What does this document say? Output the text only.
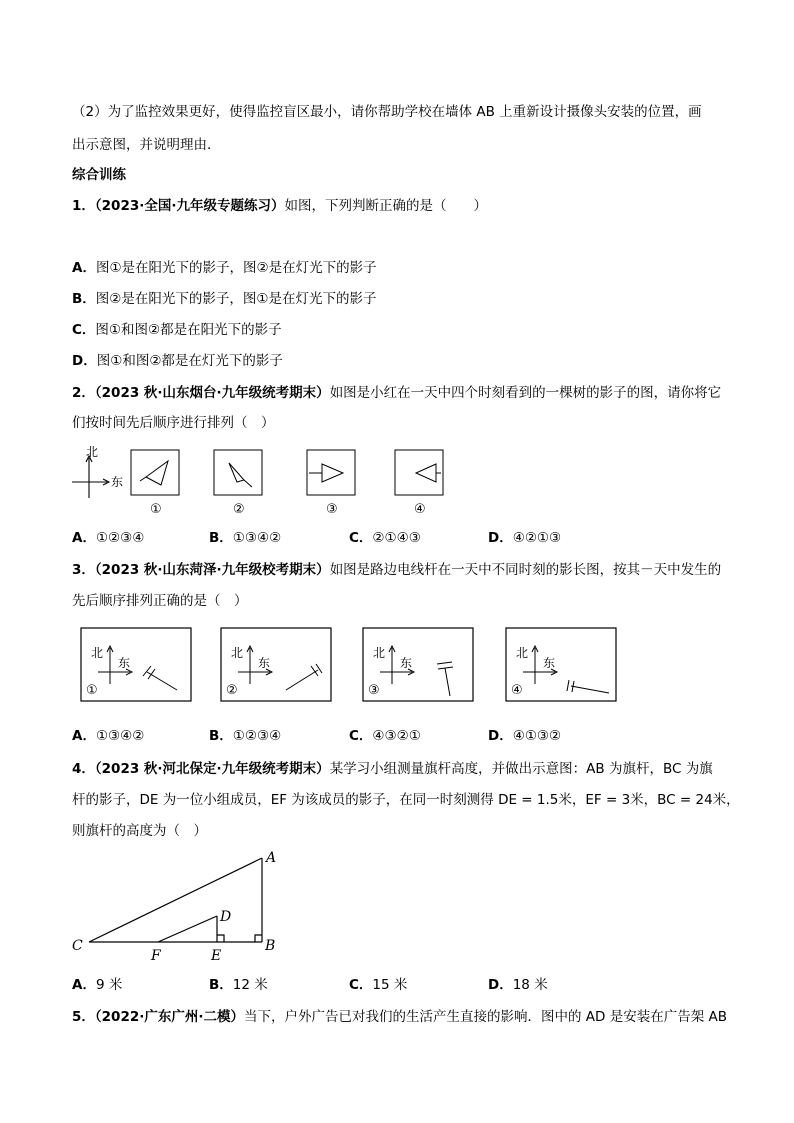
（2）为了监控效果更好，使得监控盲区最小，请你帮助学校在墙体 AB 上重新设计摄像头安装的位置，画
出示意图，并说明理由．
综合训练
1．（2023·全国·九年级专题练习）如图，下列判断正确的是（　　）
A．图①是在阳光下的影子，图②是在灯光下的影子
B．图②是在阳光下的影子，图①是在灯光下的影子
C．图①和图②都是在阳光下的影子
D．图①和图②都是在灯光下的影子
2．（2023 秋·山东烟台·九年级统考期末）如图是小红在一天中四个时刻看到的一棵树的影子的图，请你将它
们按时间先后顺序进行排列（　）
北
东
①	②	③	④
A．①②③④	B．①③④②	C．②①④③	D．④②①③
3．（2023 秋·山东菏泽·九年级校考期末）如图是路边电线杆在一天中不同时刻的影长图，按其－天中发生的
先后顺序排列正确的是（　）
北
东
北
东
北
东
北
东
①	②	③	④
A．①③④②	B．①②③④	C．④③②①	D．④①③②
4．（2023 秋·河北保定·九年级统考期末）某学习小组测量旗杆高度，并做出示意图：AB 为旗杆，BC 为旗
杆的影子，DE 为一位小组成员，EF 为该成员的影子，在同一时刻测得 DE = 1.5米，EF = 3米，BC = 24米，
则旗杆的高度为（　）
A
B
C
D
E
F
A．9 米	B．12 米	C．15 米	D．18 米
5．（2022·广东广州·二模）当下，户外广告已对我们的生活产生直接的影响．图中的 AD 是安装在广告架 AB
